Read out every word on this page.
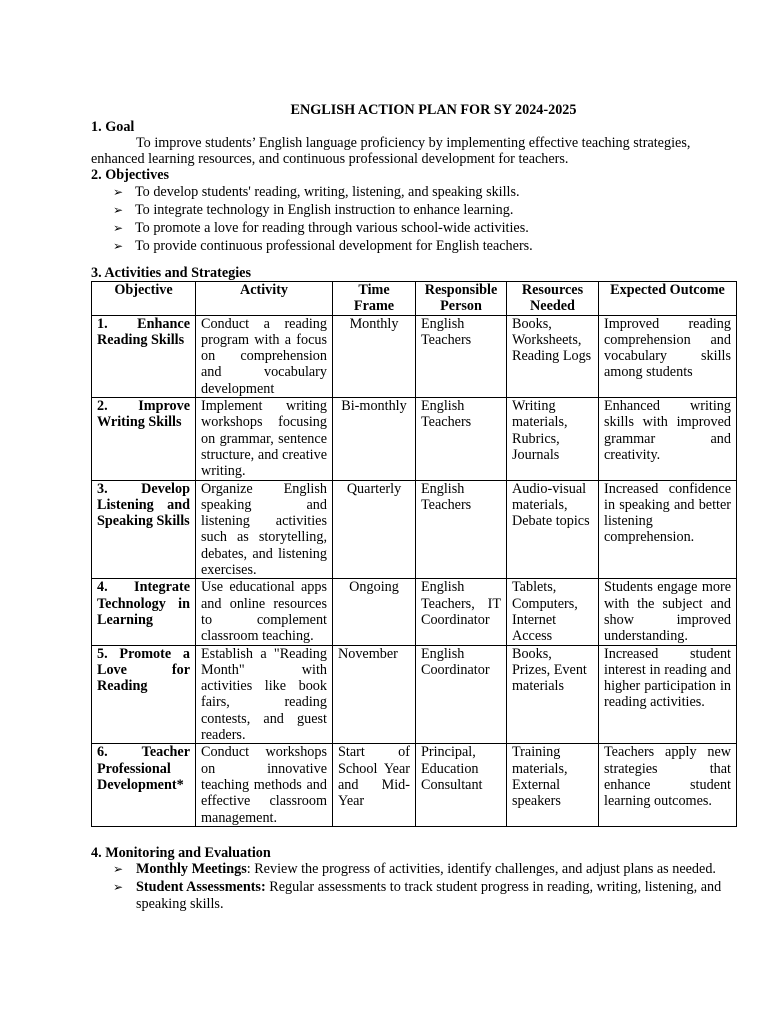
ENGLISH ACTION PLAN FOR SY 2024-2025

1. Goal

To improve students’ English language proficiency by implementing effective teaching strategies, enhanced learning resources, and continuous professional development for teachers.

2. Objectives

➢ To develop students' reading, writing, listening, and speaking skills.
➢ To integrate technology in English instruction to enhance learning.
➢ To promote a love for reading through various school-wide activities.
➢ To provide continuous professional development for English teachers.

3. Activities and Strategies

Objective	Activity	Time Frame	Responsible Person	Resources Needed	Expected Outcome
1. Enhance Reading Skills	Conduct a reading program with a focus on comprehension and vocabulary development	Monthly	English Teachers	Books, Worksheets, Reading Logs	Improved reading comprehension and vocabulary skills among students
2. Improve Writing Skills	Implement writing workshops focusing on grammar, sentence structure, and creative writing.	Bi-monthly	English Teachers	Writing materials, Rubrics, Journals	Enhanced writing skills with improved grammar and creativity.
3. Develop Listening and Speaking Skills	Organize English speaking and listening activities such as storytelling, debates, and listening exercises.	Quarterly	English Teachers	Audio-visual materials, Debate topics	Increased confidence in speaking and better listening comprehension.
4. Integrate Technology in Learning	Use educational apps and online resources to complement classroom teaching.	Ongoing	English Teachers, IT Coordinator	Tablets, Computers, Internet Access	Students engage more with the subject and show improved understanding.
5. Promote a Love for Reading	Establish a "Reading Month" with activities like book fairs, reading contests, and guest readers.	November	English Coordinator	Books, Prizes, Event materials	Increased student interest in reading and higher participation in reading activities.
6. Teacher Professional Development*	Conduct workshops on innovative teaching methods and effective classroom management.	Start of School Year and Mid-Year	Principal, Education Consultant	Training materials, External speakers	Teachers apply new strategies that enhance student learning outcomes.

4. Monitoring and Evaluation

➢ Monthly Meetings: Review the progress of activities, identify challenges, and adjust plans as needed.
➢ Student Assessments: Regular assessments to track student progress in reading, writing, listening, and speaking skills.
